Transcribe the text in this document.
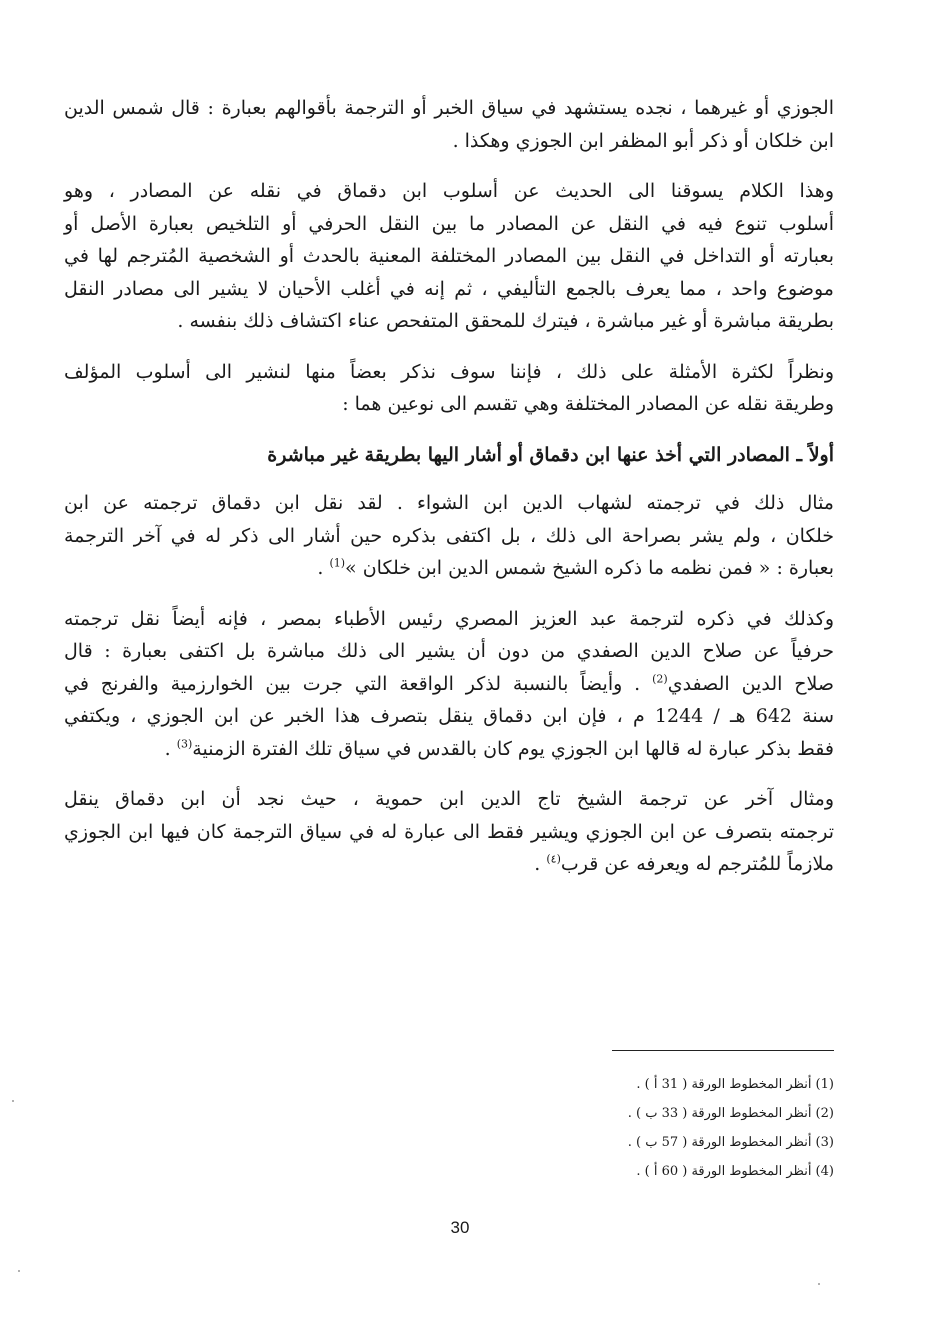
الجوزي أو غيرهما ، نجده يستشهد في سياق الخبر أو الترجمة بأقوالهم بعبارة : قال شمس الدين
ابن خلكان أو ذكر أبو المظفر ابن الجوزي وهكذا .

وهذا الكلام يسوقنا الى الحديث عن أسلوب ابن دقماق في نقله عن المصادر ، وهو
أسلوب تنوع فيه في النقل عن المصادر ما بين النقل الحرفي أو التلخيص بعبارة الأصل أو
بعبارته أو التداخل في النقل بين المصادر المختلفة المعنية بالحدث أو الشخصية المُترجم لها في
موضوع واحد ، مما يعرف بالجمع التأليفي ، ثم إنه في أغلب الأحيان لا يشير الى مصادر النقل
بطريقة مباشرة أو غير مباشرة ، فيترك للمحقق المتفحص عناء اكتشاف ذلك بنفسه .

ونظراً لكثرة الأمثلة على ذلك ، فإننا سوف نذكر بعضاً منها لنشير الى أسلوب المؤلف
وطريقة نقله عن المصادر المختلفة وهي تقسم الى نوعين هما :

أولاً ـ المصادر التي أخذ عنها ابن دقماق أو أشار اليها بطريقة غير مباشرة

مثال ذلك في ترجمته لشهاب الدين ابن الشواء . لقد نقل ابن دقماق ترجمته عن ابن
خلكان ، ولم يشر بصراحة الى ذلك ، بل اكتفى بذكره حين أشار الى ذكر له في آخر الترجمة
بعبارة : « فمن نظمه ما ذكره الشيخ شمس الدين ابن خلكان »$^{(1)}$ .

وكذلك في ذكره لترجمة عبد العزيز المصري رئيس الأطباء بمصر ، فإنه أيضاً نقل ترجمته
حرفياً عن صلاح الدين الصفدي من دون أن يشير الى ذلك مباشرة بل اكتفى بعبارة : قال
صلاح الدين الصفدي$^{(2)}$ . وأيضاً بالنسبة لذكر الواقعة التي جرت بين الخوارزمية والفرنج في
سنة 642 هـ / 1244 م ، فإن ابن دقماق ينقل بتصرف هذا الخبر عن ابن الجوزي ، ويكتفي
فقط بذكر عبارة له قالها ابن الجوزي يوم كان بالقدس في سياق تلك الفترة الزمنية$^{(3)}$ .

ومثال آخر عن ترجمة الشيخ تاج الدين ابن حموية ، حيث نجد أن ابن دقماق ينقل
ترجمته بتصرف عن ابن الجوزي ويشير فقط الى عبارة له في سياق الترجمة كان فيها ابن الجوزي
ملازماً للمُترجم له ويعرفه عن قرب$^{(٤)}$ .

(1) أنظر المخطوط الورقة ( 31 أ ) .
(2) أنظر المخطوط الورقة ( 33 ب ) .
(3) أنظر المخطوط الورقة ( 57 ب ) .
(4) أنظر المخطوط الورقة ( 60 أ ) .
30
